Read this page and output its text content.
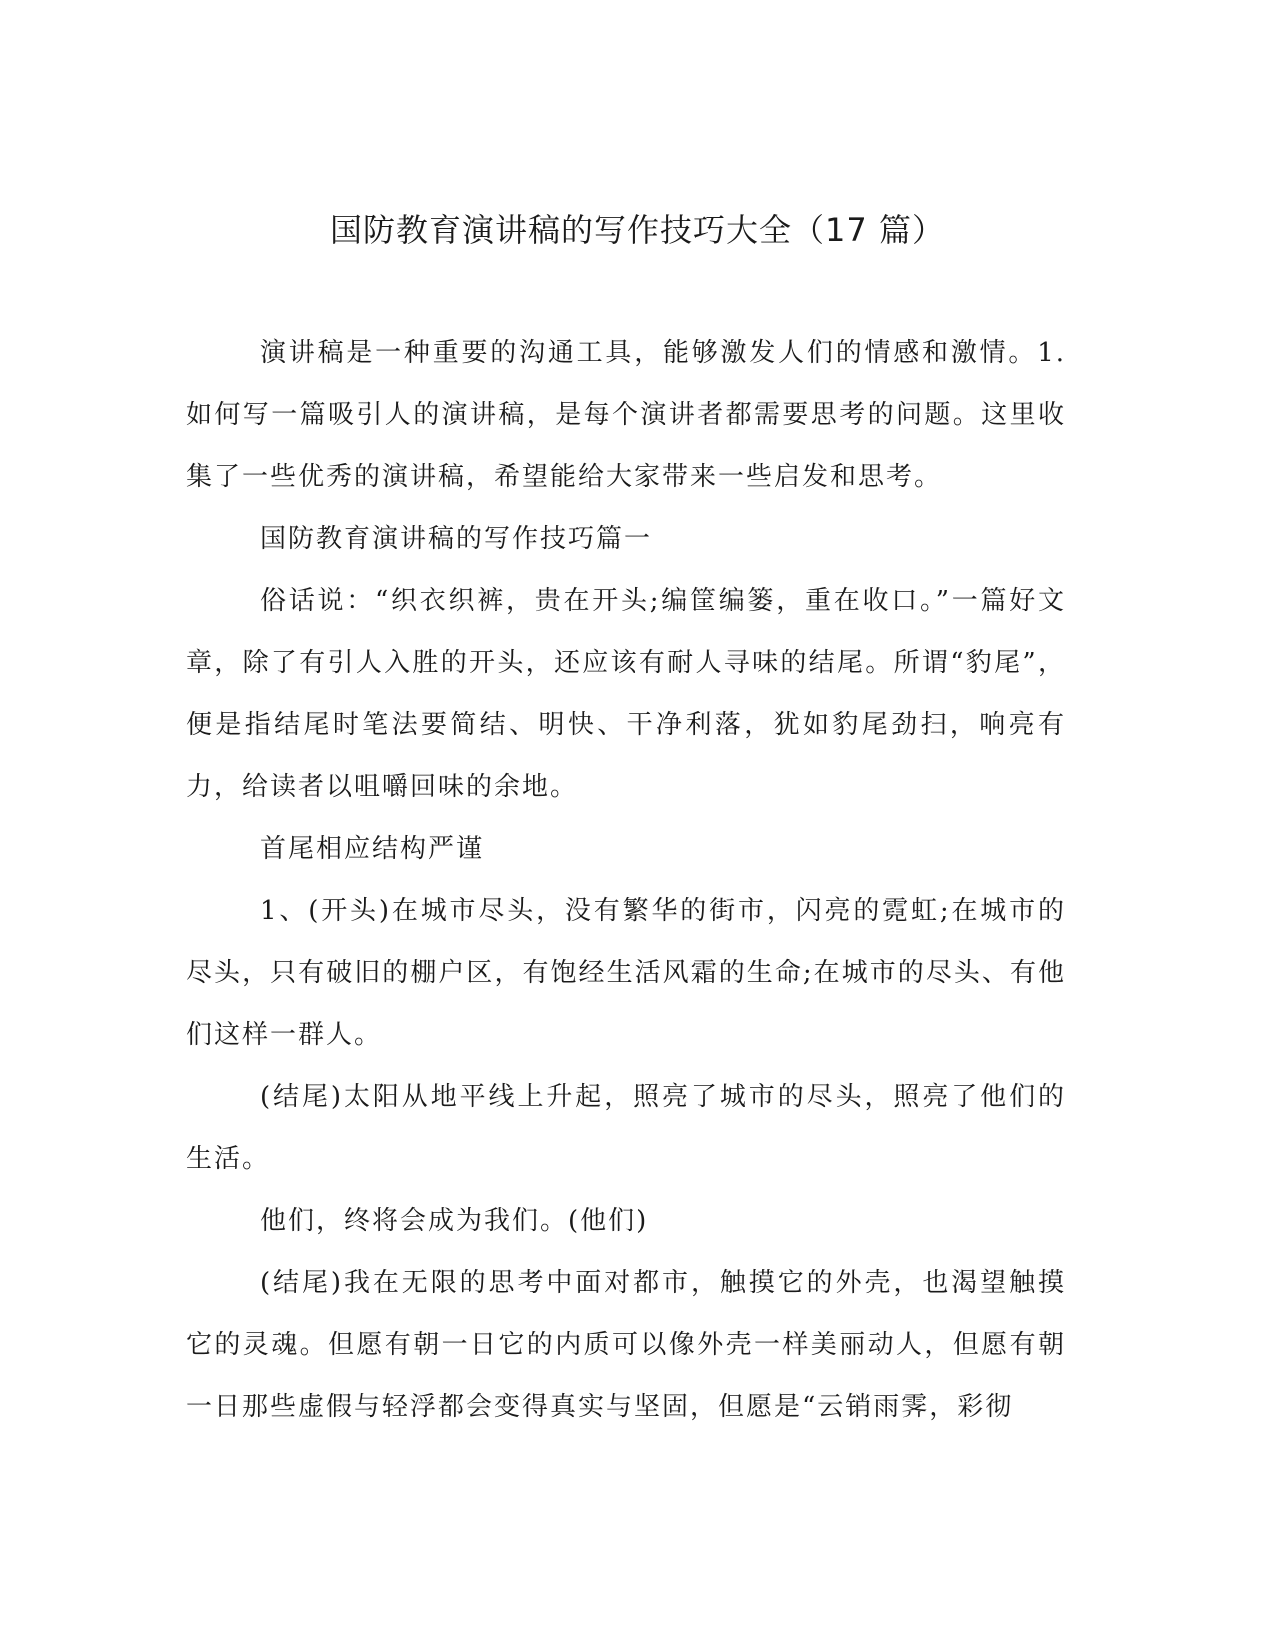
国防教育演讲稿的写作技巧大全（17 篇）

演讲稿是一种重要的沟通工具，能够激发人们的情感和激情。1.如何写一篇吸引人的演讲稿，是每个演讲者都需要思考的问题。这里收集了一些优秀的演讲稿，希望能给大家带来一些启发和思考。

国防教育演讲稿的写作技巧篇一

俗话说：“织衣织裤，贵在开头;编筐编篓，重在收口。”一篇好文章，除了有引人入胜的开头，还应该有耐人寻味的结尾。所谓“豹尾”，便是指结尾时笔法要简结、明快、干净利落，犹如豹尾劲扫，响亮有力，给读者以咀嚼回味的余地。

首尾相应结构严谨

1、(开头)在城市尽头，没有繁华的街市，闪亮的霓虹;在城市的尽头，只有破旧的棚户区，有饱经生活风霜的生命;在城市的尽头、有他们这样一群人。

(结尾)太阳从地平线上升起，照亮了城市的尽头，照亮了他们的生活。

他们，终将会成为我们。(他们)

(结尾)我在无限的思考中面对都市，触摸它的外壳，也渴望触摸它的灵魂。但愿有朝一日它的内质可以像外壳一样美丽动人，但愿有朝一日那些虚假与轻浮都会变得真实与坚固，但愿是“云销雨霁，彩彻
